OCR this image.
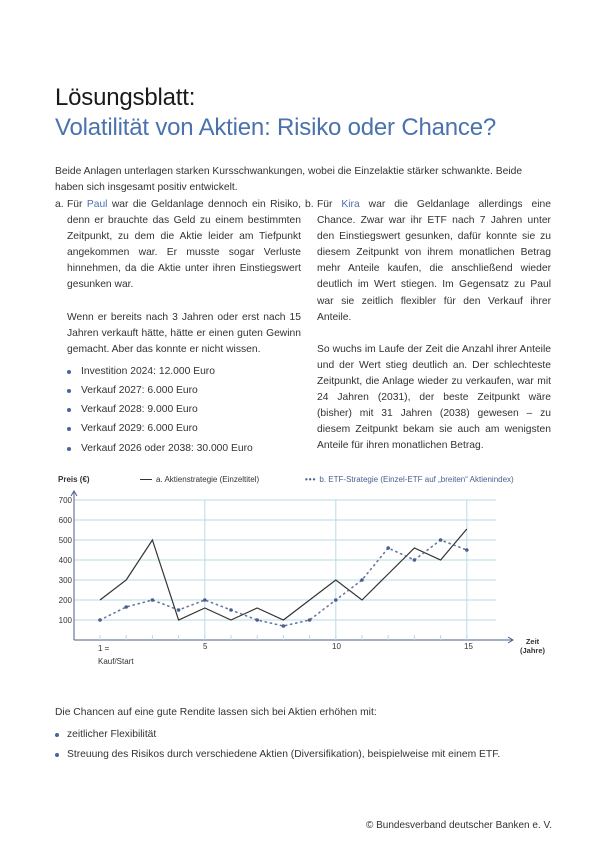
Lösungsblatt:
Volatilität von Aktien: Risiko oder Chance?
Beide Anlagen unterlagen starken Kursschwankungen, wobei die Einzelaktie stärker schwankte. Beide haben sich insgesamt positiv entwickelt.
a. Für Paul war die Geldanlage dennoch ein Risiko, denn er brauchte das Geld zu einem bestimmten Zeitpunkt, zu dem die Aktie leider am Tiefpunkt angekommen war. Er musste sogar Verluste hinnehmen, da die Aktie unter ihren Einstiegswert gesunken war.
Wenn er bereits nach 3 Jahren oder erst nach 15 Jahren verkauft hätte, hätte er einen guten Gewinn gemacht. Aber das konnte er nicht wissen.
Investition 2024: 12.000 Euro
Verkauf 2027: 6.000 Euro
Verkauf 2028: 9.000 Euro
Verkauf 2029: 6.000 Euro
Verkauf 2026 oder 2038: 30.000 Euro
b. Für Kira war die Geldanlage allerdings eine Chance. Zwar war ihr ETF nach 7 Jahren unter den Einstiegswert gesunken, dafür konnte sie zu diesem Zeitpunkt von ihrem monatlichen Betrag mehr Anteile kaufen, die anschließend wieder deutlich im Wert stiegen. Im Gegensatz zu Paul war sie zeitlich flexibler für den Verkauf ihrer Anteile.
So wuchs im Laufe der Zeit die Anzahl ihrer Anteile und der Wert stieg deutlich an. Der schlechteste Zeitpunkt, die Anlage wieder zu verkaufen, war mit 24 Jahren (2031), der beste Zeitpunkt wäre (bisher) mit 31 Jahren (2038) gewesen – zu diesem Zeitpunkt bekam sie auch am wenigsten Anteile für ihren monatlichen Betrag.
Preis (€)	a. Aktienstrategie (Einzeltitel)	••• b. ETF-Strategie (Einzel-ETF auf „breiten“ Aktienindex)
700
600
500
400
300
200
100
1 =
Kauf/Start
5	10	15
Zeit
(Jahre)
Die Chancen auf eine gute Rendite lassen sich bei Aktien erhöhen mit:
zeitlicher Flexibilität
Streuung des Risikos durch verschiedene Aktien (Diversifikation), beispielweise mit einem ETF.
© Bundesverband deutscher Banken e. V.
